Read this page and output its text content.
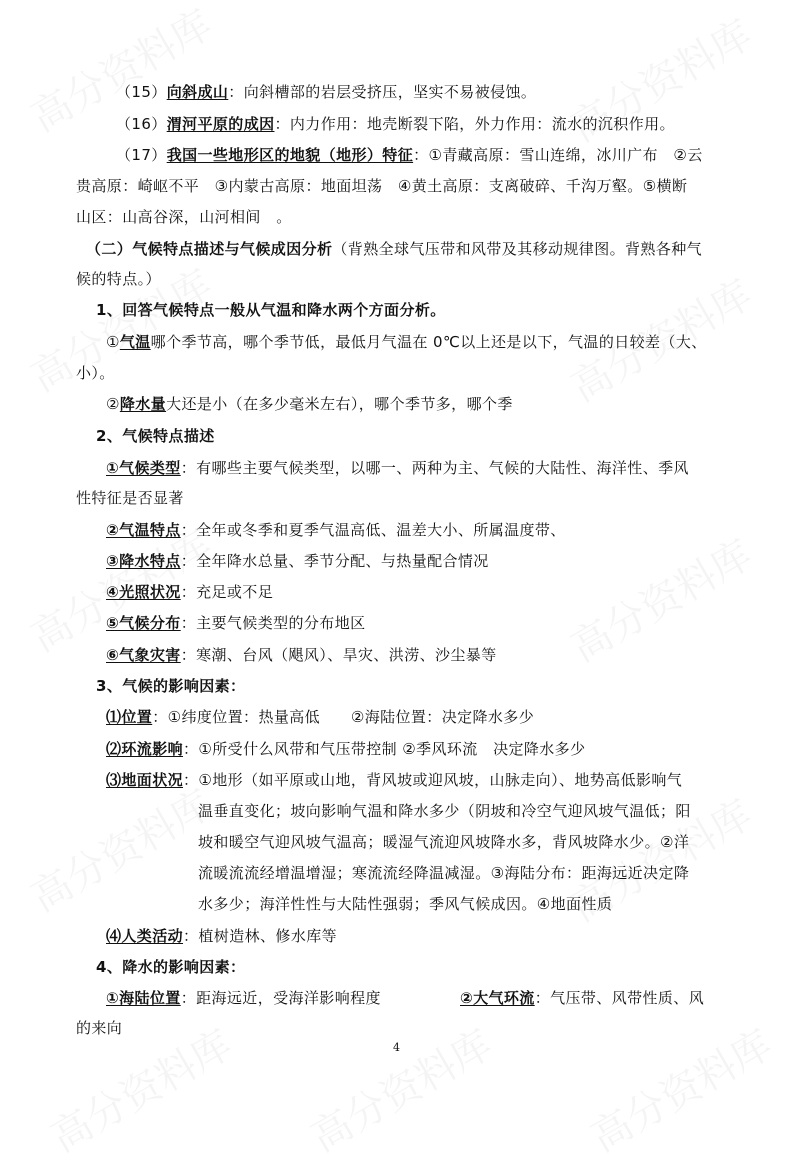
（15）向斜成山：向斜槽部的岩层受挤压，坚实不易被侵蚀。
（16）渭河平原的成因：内力作用：地壳断裂下陷，外力作用：流水的沉积作用。
（17）我国一些地形区的地貌（地形）特征：①青藏高原：雪山连绵，冰川广布　②云
贵高原：崎岖不平　③内蒙古高原：地面坦荡　④黄土高原：支离破碎、千沟万壑。⑤横断
山区：山高谷深，山河相间　。
（二）气候特点描述与气候成因分析（背熟全球气压带和风带及其移动规律图。背熟各种气
候的特点。）
1、回答气候特点一般从气温和降水两个方面分析。
①气温哪个季节高，哪个季节低，最低月气温在 0℃以上还是以下，气温的日较差（大、
小）。
②降水量大还是小（在多少毫米左右），哪个季节多，哪个季
2、气候特点描述
①气候类型：有哪些主要气候类型，以哪一、两种为主、气候的大陆性、海洋性、季风
性特征是否显著
②气温特点：全年或冬季和夏季气温高低、温差大小、所属温度带、
③降水特点：全年降水总量、季节分配、与热量配合情况
④光照状况：充足或不足
⑤气候分布：主要气候类型的分布地区
⑥气象灾害：寒潮、台风（飓风）、旱灾、洪涝、沙尘暴等
3、气候的影响因素：
⑴位置：①纬度位置：热量高低　　②海陆位置：决定降水多少
⑵环流影响：①所受什么风带和气压带控制 ②季风环流　决定降水多少
⑶地面状况：①地形（如平原或山地，背风坡或迎风坡，山脉走向）、地势高低影响气
温垂直变化；坡向影响气温和降水多少（阴坡和冷空气迎风坡气温低；阳
坡和暖空气迎风坡气温高；暖湿气流迎风坡降水多，背风坡降水少。②洋
流暖流流经增温增湿；寒流流经降温减湿。③海陆分布：距海远近决定降
水多少；海洋性性与大陆性强弱；季风气候成因。④地面性质
⑷人类活动：植树造林、修水库等
4、降水的影响因素：
①海陆位置：距海远近，受海洋影响程度	②大气环流：气压带、风带性质、风
的来向
4
